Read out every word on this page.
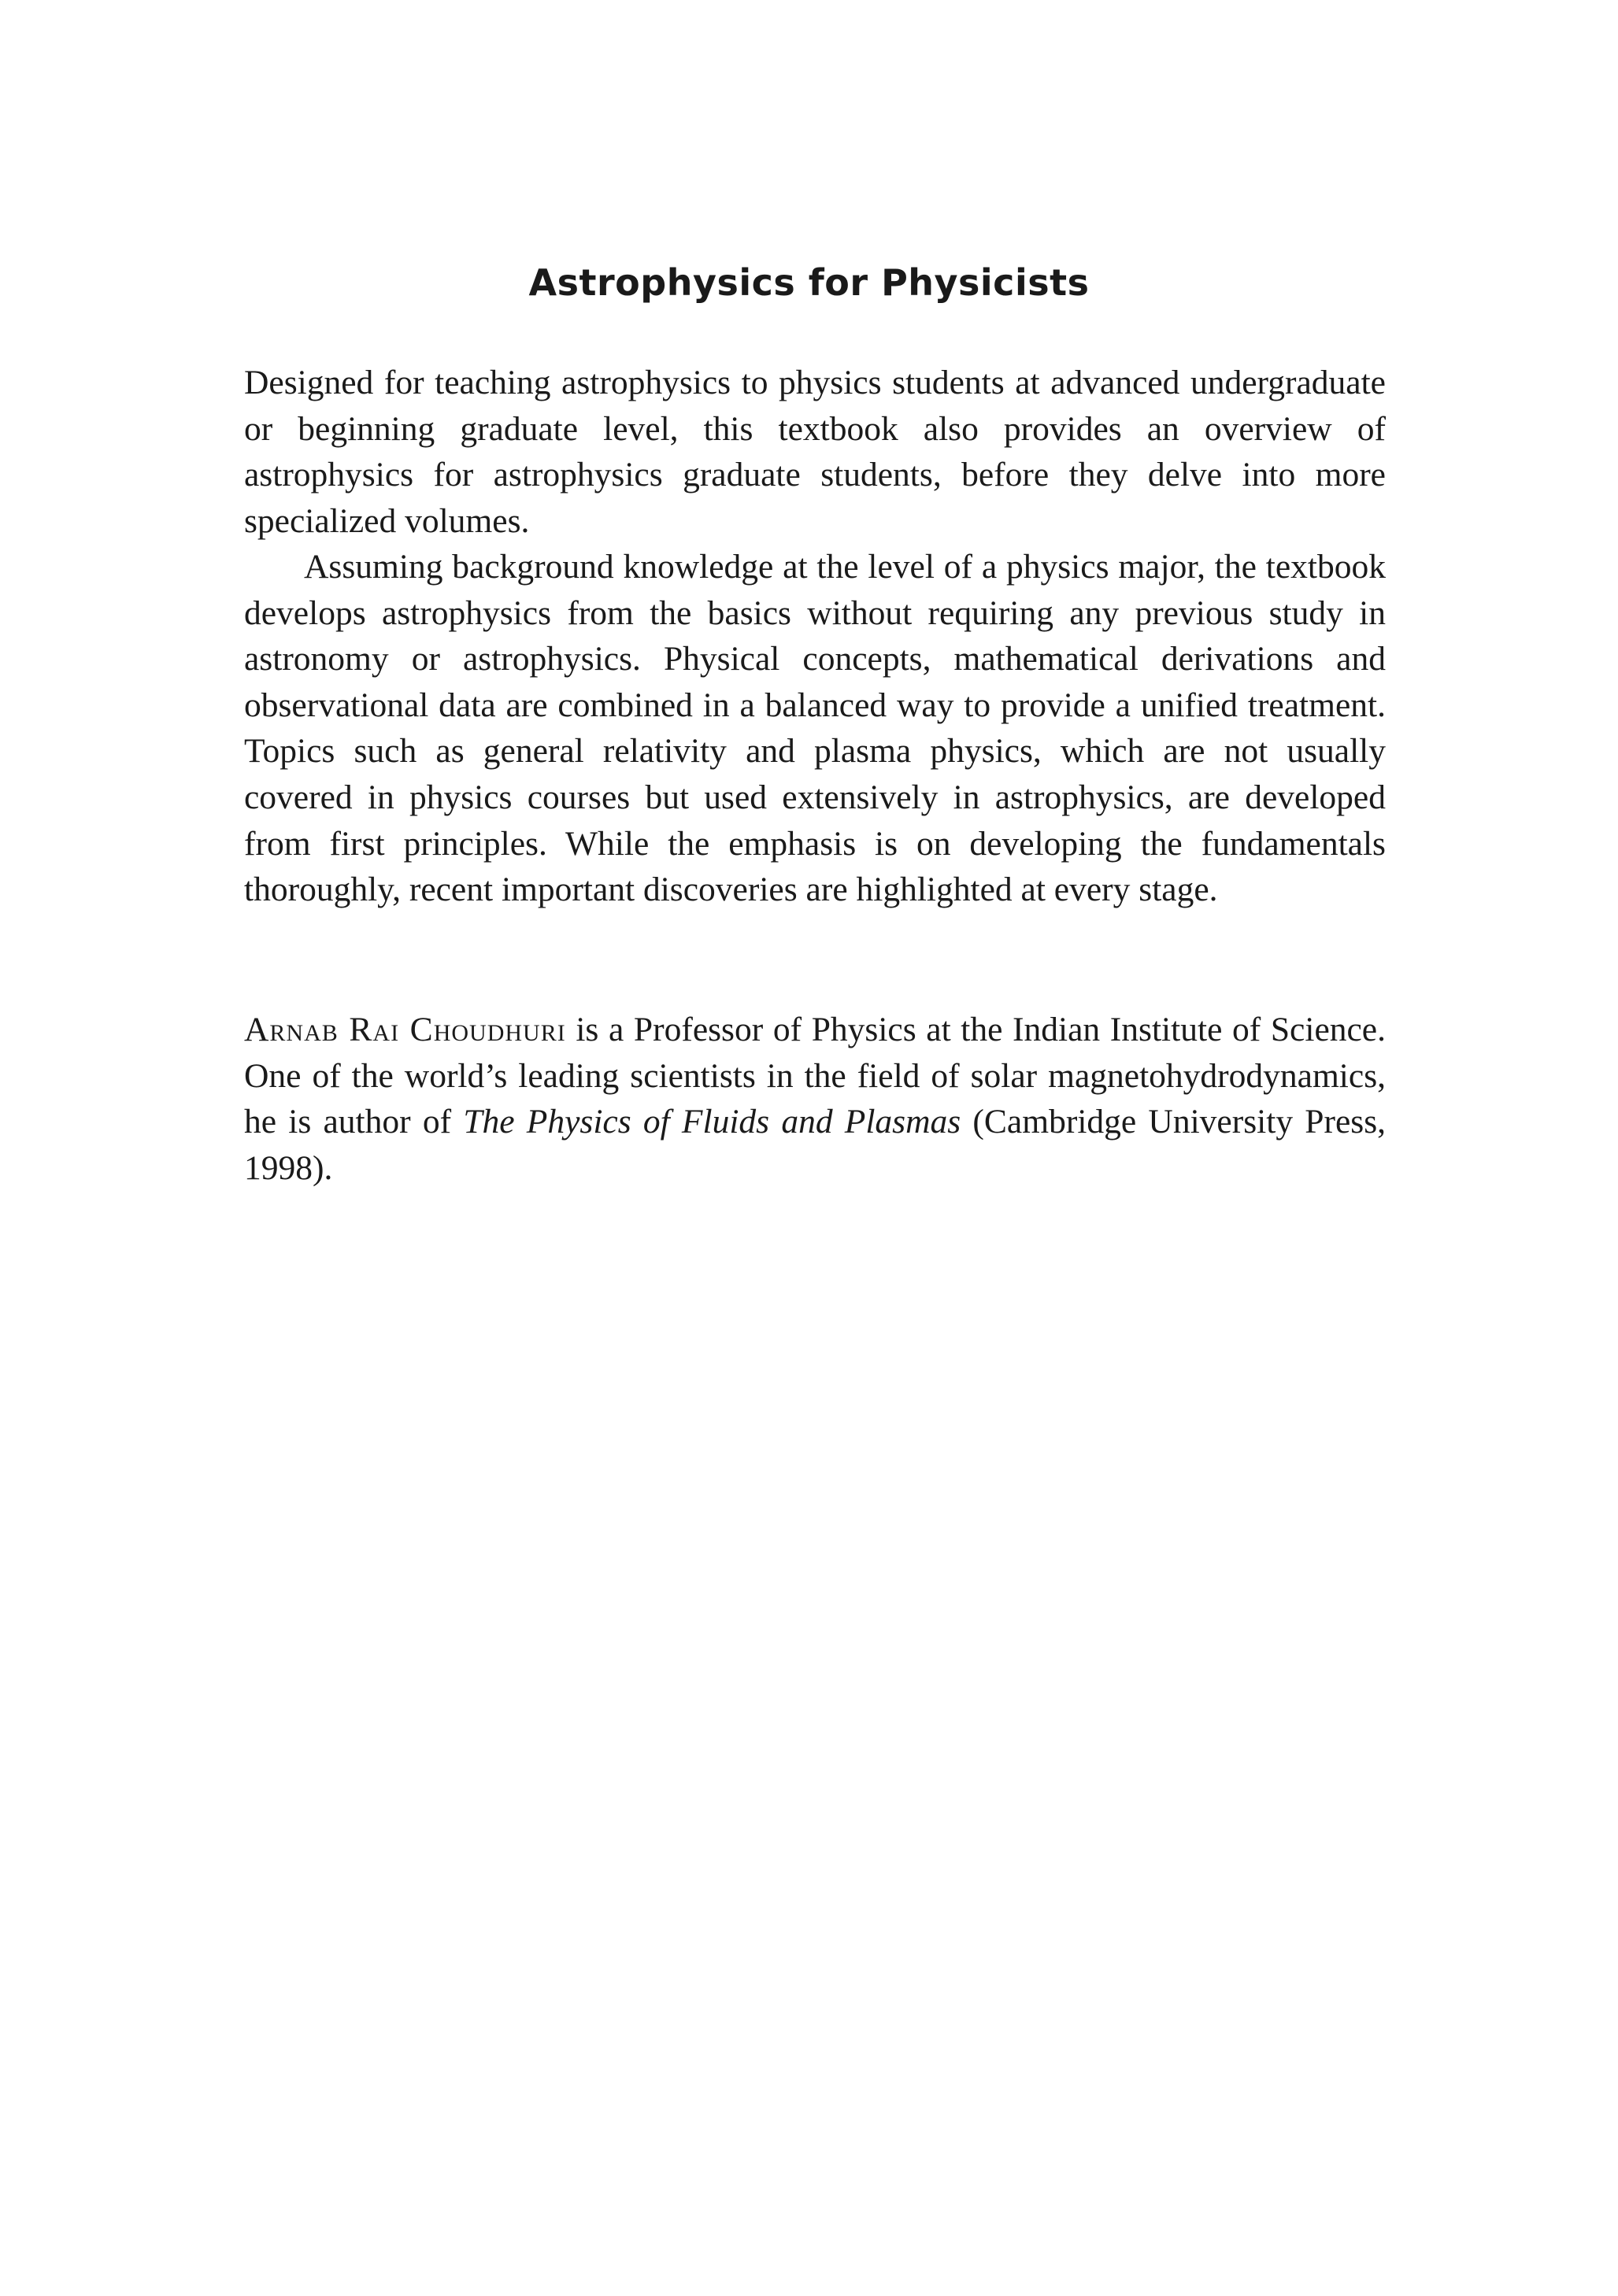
Astrophysics for Physicists

Designed for teaching astrophysics to physics students at advanced undergraduate or beginning graduate level, this textbook also provides an overview of astrophysics for astrophysics graduate students, before they delve into more specialized volumes.

Assuming background knowledge at the level of a physics major, the textbook develops astrophysics from the basics without requiring any previous study in astronomy or astrophysics. Physical concepts, mathematical derivations and observational data are combined in a balanced way to provide a unified treatment. Topics such as general relativity and plasma physics, which are not usually covered in physics courses but used extensively in astrophysics, are developed from first principles. While the emphasis is on developing the fundamentals thoroughly, recent important discoveries are highlighted at every stage.

Arnab Rai Choudhuri is a Professor of Physics at the Indian Institute of Science. One of the world’s leading scientists in the field of solar magnetohydrodynamics, he is author of The Physics of Fluids and Plasmas (Cambridge University Press, 1998).
